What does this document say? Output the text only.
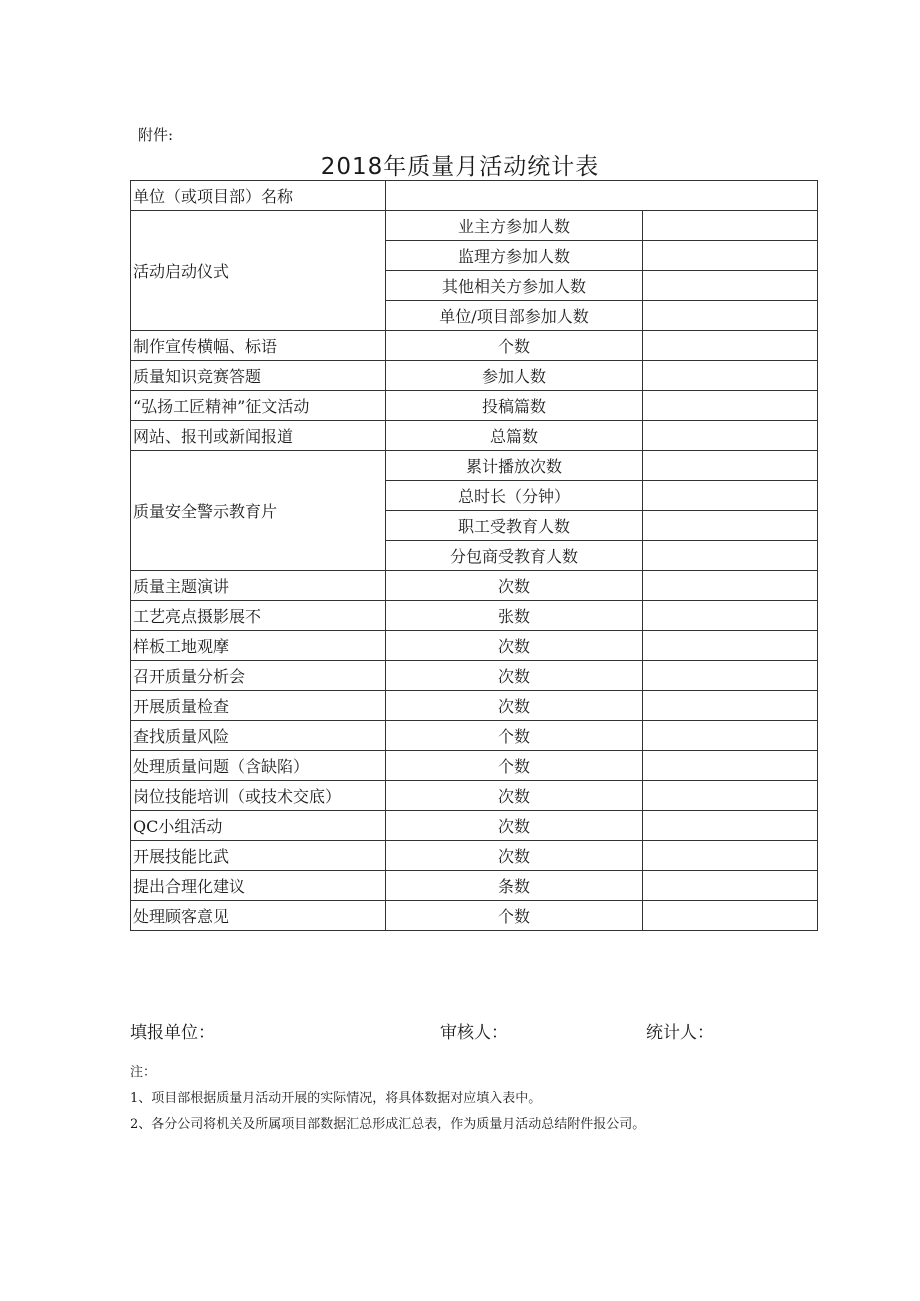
附件:
2018年质量月活动统计表
单位（或项目部）名称		
活动启动仪式	业主方参加人数	
	监理方参加人数	
	其他相关方参加人数	
	单位/项目部参加人数	
制作宣传横幅、标语	个数	
质量知识竞赛答题	参加人数	
“弘扬工匠精神”征文活动	投稿篇数	
网站、报刊或新闻报道	总篇数	
质量安全警示教育片	累计播放次数	
	总时长（分钟）	
	职工受教育人数	
	分包商受教育人数	
质量主题演讲	次数	
工艺亮点摄影展不	张数	
样板工地观摩	次数	
召开质量分析会	次数	
开展质量检查	次数	
查找质量风险	个数	
处理质量问题（含缺陷）	个数	
岗位技能培训（或技术交底）	次数	
QC小组活动	次数	
开展技能比武	次数	
提出合理化建议	条数	
处理顾客意见	个数	
填报单位：	审核人：	统计人：
注：
1、项目部根据质量月活动开展的实际情况，将具体数据对应填入表中。
2、各分公司将机关及所属项目部数据汇总形成汇总表，作为质量月活动总结附件报公司。
